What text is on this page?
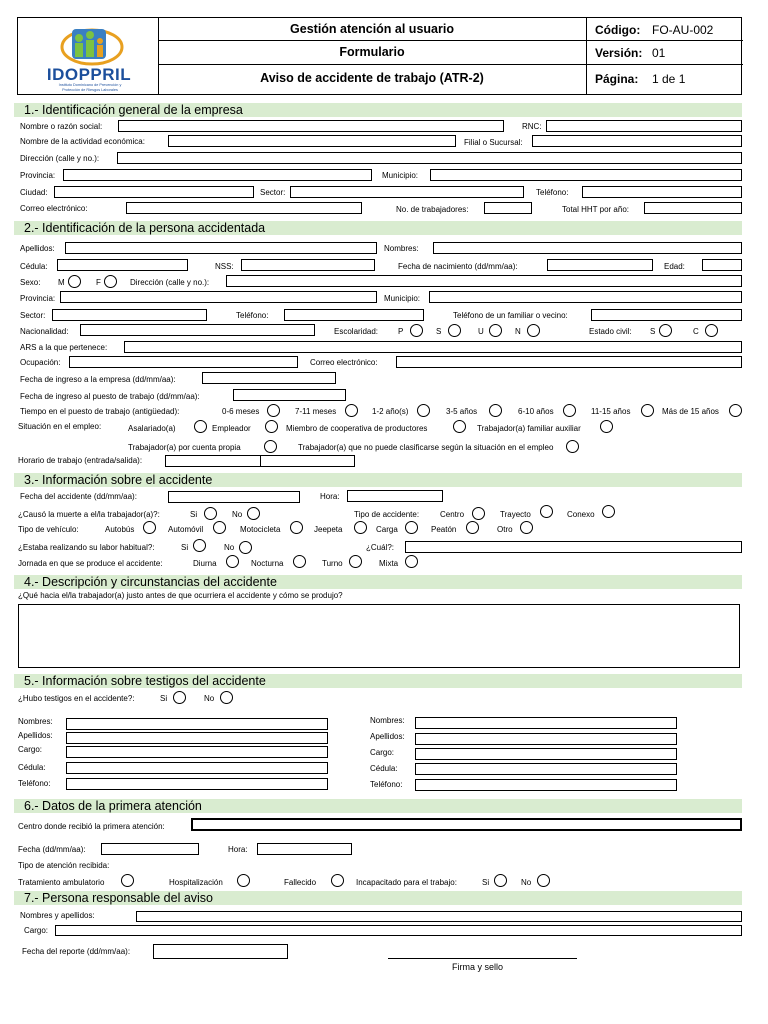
IDOPPRIL
Instituto Dominicano de Prevención y Protección de Riesgos Laborales
Gestión atención al usuario
Formulario
Aviso de accidente de trabajo (ATR-2)
Código: FO-AU-002
Versión: 01
Página: 1 de 1
1.- Identificación general de la empresa
Nombre o razón social:	RNC:
Nombre de la actividad económica:	Filial o Sucursal:
Dirección (calle y no.):
Provincia:	Municipio:
Ciudad:	Sector:	Teléfono:
Correo electrónico:	No. de trabajadores:	Total HHT por año:
2.- Identificación de la persona accidentada
Apellidos:	Nombres:
Cédula:	NSS:	Fecha de nacimiento (dd/mm/aa):	Edad:
Sexo: M	F	Dirección (calle y no.):
Provincia:	Municipio:
Sector:	Teléfono:	Teléfono de un familiar o vecino:
Nacionalidad:	Escolaridad: P	S	U	N	Estado civil: S	C
ARS a la que pertenece:
Ocupación:	Correo electrónico:
Fecha de ingreso a la empresa (dd/mm/aa):
Fecha de ingreso al puesto de trabajo (dd/mm/aa):
Tiempo en el puesto de trabajo (antigüedad):	0-6 meses	7-11 meses	1-2 año(s)	3-5 años	6-10 años	11-15 años	Más de 15 años
Situación en el empleo:	Asalariado(a)	Empleador	Miembro de cooperativa de productores	Trabajador(a) familiar auxiliar
Trabajador(a) por cuenta propia	Trabajador(a) que no puede clasificarse según la situación en el empleo
Horario de trabajo (entrada/salida):
3.- Información sobre el accidente
Fecha del accidente (dd/mm/aa):	Hora:
¿Causó la muerte a el/la trabajador(a)?:	Si	No	Tipo de accidente:	Centro	Trayecto	Conexo
Tipo de vehículo:	Autobús	Automóvil	Motocicleta	Jeepeta	Carga	Peatón	Otro
¿Estaba realizando su labor habitual?:	Si	No	¿Cuál?:
Jornada en que se produce el accidente:	Diurna	Nocturna	Turno	Mixta
4.- Descripción y circunstancias del accidente
¿Qué hacia el/la trabajador(a) justo antes de que ocurriera el accidente y cómo se produjo?
5.- Información sobre testigos del accidente
¿Hubo testigos en el accidente?:	Si	No
Nombres:
Apellidos:
Cargo:
Cédula:
Teléfono:
Nombres:
Apellidos:
Cargo:
Cédula:
Teléfono:
6.- Datos de la primera atención
Centro donde recibió la primera atención:
Fecha (dd/mm/aa):	Hora:
Tipo de atención recibida:
Tratamiento ambulatorio	Hospitalización	Fallecido	Incapacitado para el trabajo:	Si	No
7.- Persona responsable del aviso
Nombres y apellidos:
Cargo:
Fecha del reporte (dd/mm/aa):
Firma y sello
